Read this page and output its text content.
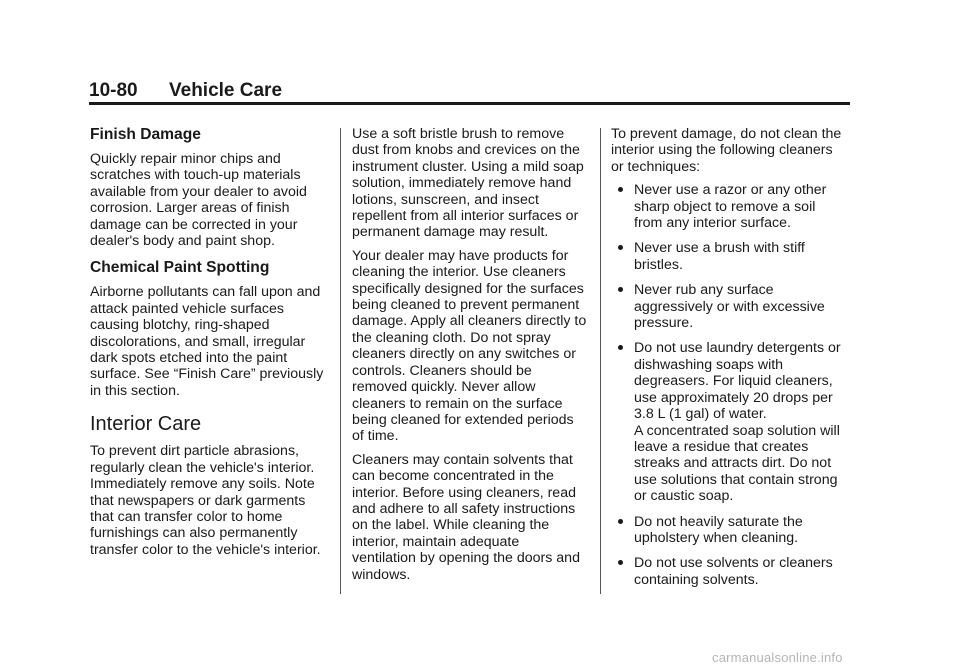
10-80 Vehicle Care
Finish Damage

Quickly repair minor chips and scratches with touch-up materials available from your dealer to avoid corrosion. Larger areas of finish damage can be corrected in your dealer's body and paint shop.

Chemical Paint Spotting

Airborne pollutants can fall upon and attack painted vehicle surfaces causing blotchy, ring-shaped discolorations, and small, irregular dark spots etched into the paint surface. See “Finish Care” previously in this section.

Interior Care

To prevent dirt particle abrasions, regularly clean the vehicle's interior. Immediately remove any soils. Note that newspapers or dark garments that can transfer color to home furnishings can also permanently transfer color to the vehicle's interior.

Use a soft bristle brush to remove dust from knobs and crevices on the instrument cluster. Using a mild soap solution, immediately remove hand lotions, sunscreen, and insect repellent from all interior surfaces or permanent damage may result.

Your dealer may have products for cleaning the interior. Use cleaners specifically designed for the surfaces being cleaned to prevent permanent damage. Apply all cleaners directly to the cleaning cloth. Do not spray cleaners directly on any switches or controls. Cleaners should be removed quickly. Never allow cleaners to remain on the surface being cleaned for extended periods of time.

Cleaners may contain solvents that can become concentrated in the interior. Before using cleaners, read and adhere to all safety instructions on the label. While cleaning the interior, maintain adequate ventilation by opening the doors and windows.

To prevent damage, do not clean the interior using the following cleaners or techniques:

Never use a razor or any other sharp object to remove a soil from any interior surface.
Never use a brush with stiff bristles.
Never rub any surface aggressively or with excessive pressure.
Do not use laundry detergents or dishwashing soaps with degreasers. For liquid cleaners, use approximately 20 drops per 3.8 L (1 gal) of water.
A concentrated soap solution will leave a residue that creates streaks and attracts dirt. Do not use solutions that contain strong or caustic soap.
Do not heavily saturate the upholstery when cleaning.
Do not use solvents or cleaners containing solvents.
carmanualsonline.info
